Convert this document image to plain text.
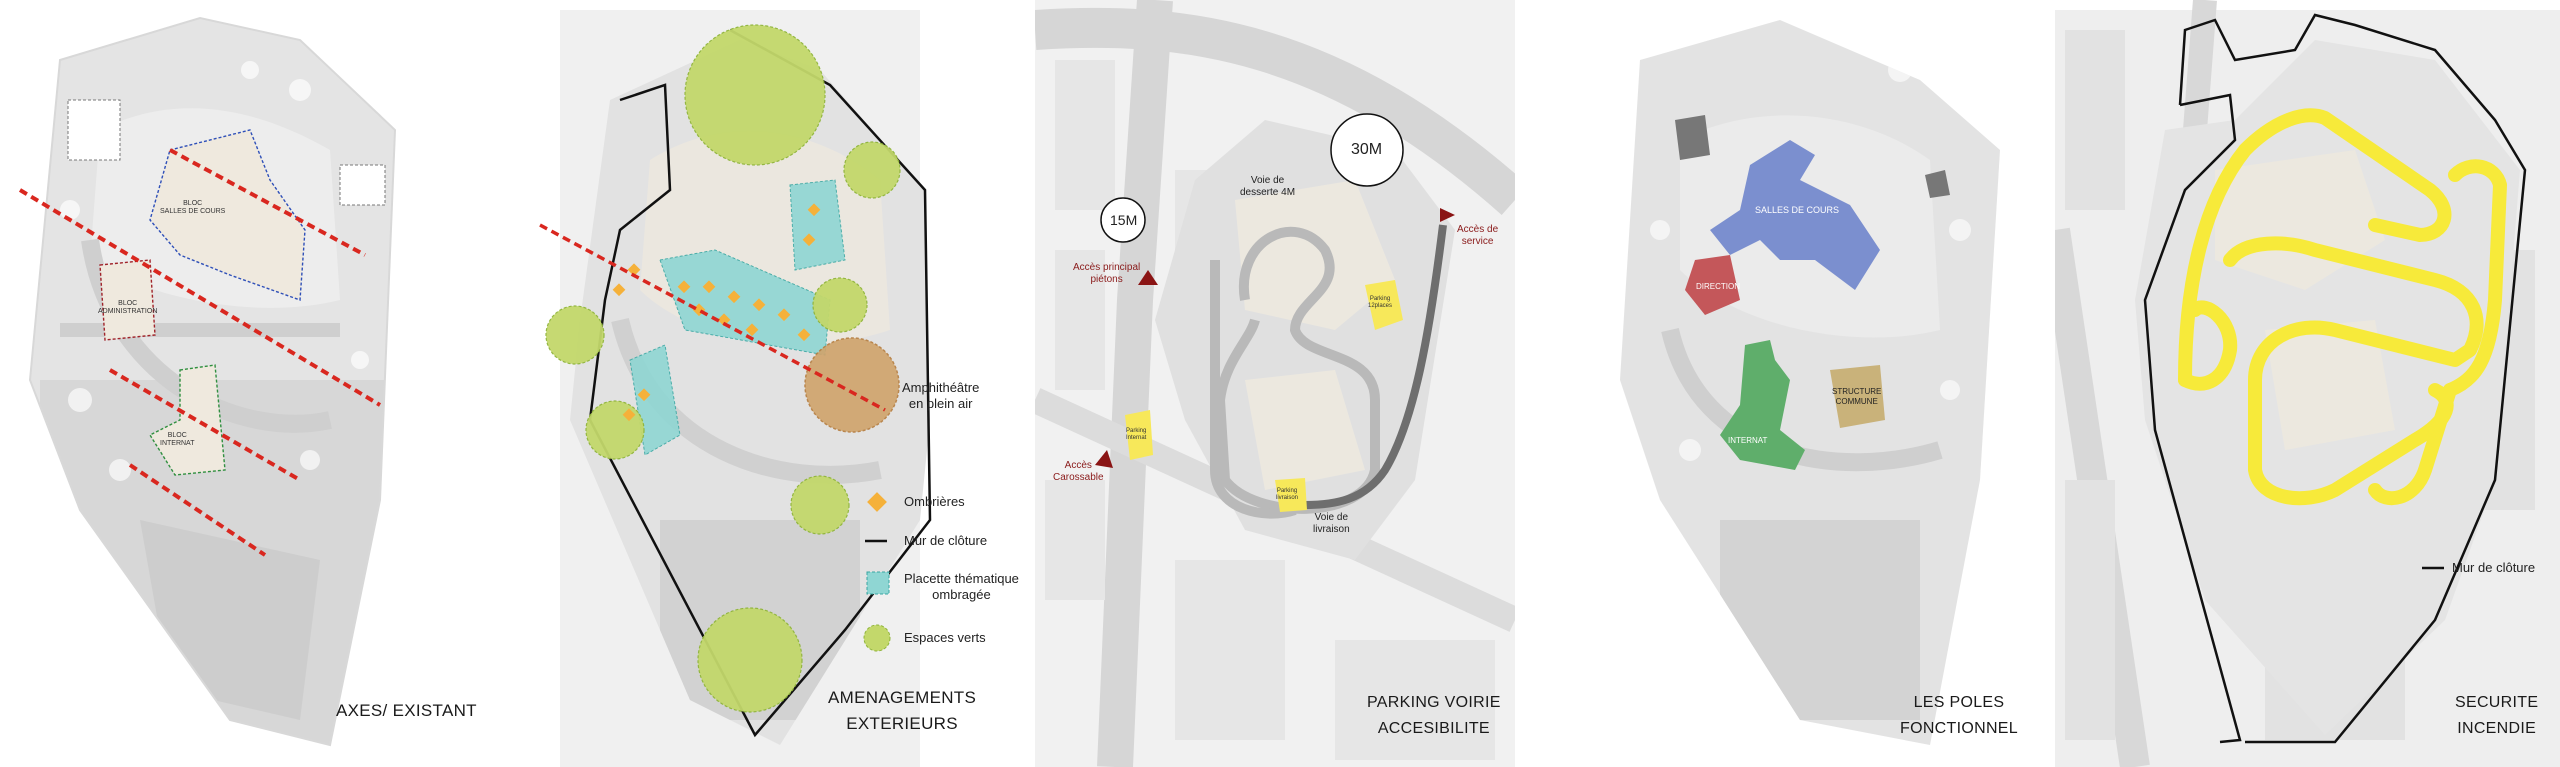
BLOC
SALLES DE COURS
BLOC
ADMINISTRATION
BLOC
INTERNAT
AXES/ EXISTANT
Amphithéâtre
en plein air
Ombrières
Mur de clôture
Placette thématique
ombragée
Espaces verts
AMENAGEMENTS
EXTERIEURS
15M
30M
Voie de
desserte 4M
Accès principal
piétons
Accès de
service
Accès
Carossable
Voie de
livraison
Parking
12places
Parking
Internat
Parking
livraison
PARKING VOIRIE
ACCESIBILITE
SALLES DE COURS
DIRECTION
INTERNAT
STRUCTURE
COMMUNE
LES POLES
FONCTIONNEL
Mur de clôture
SECURITE
INCENDIE
